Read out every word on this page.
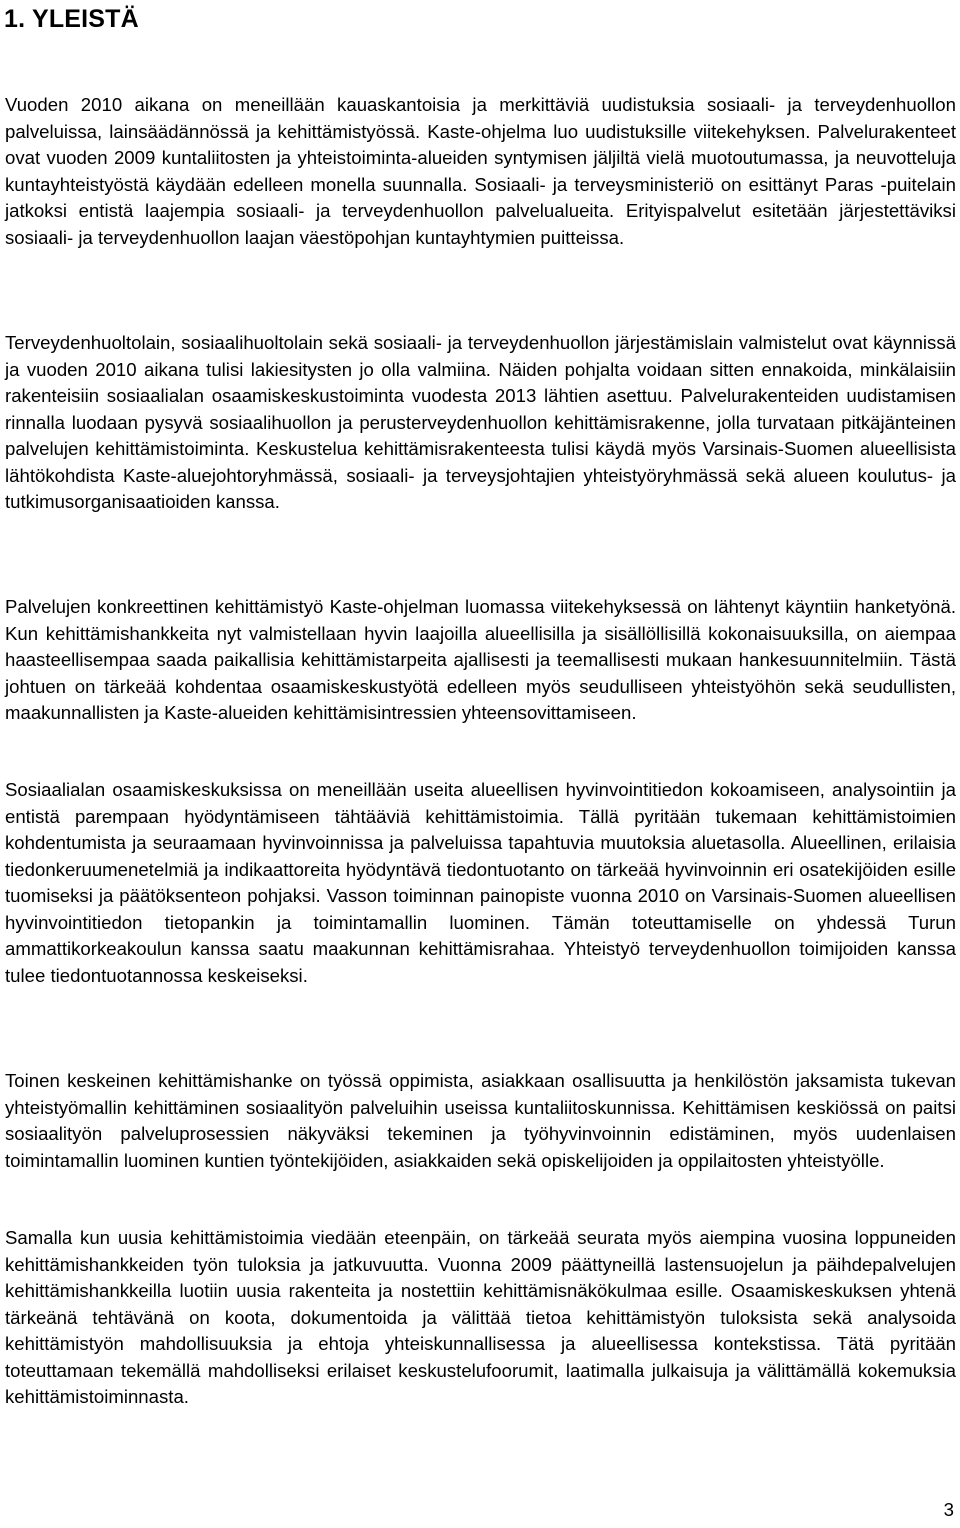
1. YLEISTÄ

Vuoden 2010 aikana on meneillään kauaskantoisia ja merkittäviä uudistuksia sosiaali- ja terveydenhuollon palveluissa, lainsäädännössä ja kehittämistyössä. Kaste-ohjelma luo uudistuksille viitekehyksen. Palvelurakenteet ovat vuoden 2009 kuntaliitosten ja yhteistoiminta-alueiden syntymisen jäljiltä vielä muotoutumassa, ja neuvotteluja kuntayhteistyöstä käydään edelleen monella suunnalla. Sosiaali- ja terveysministeriö on esittänyt Paras -puitelain jatkoksi entistä laajempia sosiaali- ja terveydenhuollon palvelualueita. Erityispalvelut esitetään järjestettäviksi sosiaali- ja terveydenhuollon laajan väestöpohjan kuntayhtymien puitteissa.

Terveydenhuoltolain, sosiaalihuoltolain sekä sosiaali- ja terveydenhuollon järjestämislain valmistelut ovat käynnissä ja vuoden 2010 aikana tulisi lakiesitysten jo olla valmiina. Näiden pohjalta voidaan sitten ennakoida, minkälaisiin rakenteisiin sosiaalialan osaamiskeskustoiminta vuodesta 2013 lähtien asettuu. Palvelurakenteiden uudistamisen rinnalla luodaan pysyvä sosiaalihuollon ja perusterveydenhuollon kehittämisrakenne, jolla turvataan pitkäjänteinen palvelujen kehittämistoiminta. Keskustelua kehittämisrakenteesta tulisi käydä myös Varsinais-Suomen alueellisista lähtökohdista Kaste-aluejohtoryhmässä, sosiaali- ja terveysjohtajien yhteistyöryhmässä sekä alueen koulutus- ja tutkimusorganisaatioiden kanssa.

Palvelujen konkreettinen kehittämistyö Kaste-ohjelman luomassa viitekehyksessä on lähtenyt käyntiin hanketyönä. Kun kehittämishankkeita nyt valmistellaan hyvin laajoilla alueellisilla ja sisällöllisillä kokonaisuuksilla, on aiempaa haasteellisempaa saada paikallisia kehittämistarpeita ajallisesti ja teemallisesti mukaan hankesuunnitelmiin. Tästä johtuen on tärkeää kohdentaa osaamiskeskustyötä edelleen myös seudulliseen yhteistyöhön sekä seudullisten, maakunnallisten ja Kaste-alueiden kehittämisintressien yhteensovittamiseen.

Sosiaalialan osaamiskeskuksissa on meneillään useita alueellisen hyvinvointitiedon kokoamiseen, analysointiin ja entistä parempaan hyödyntämiseen tähtääviä kehittämistoimia. Tällä pyritään tukemaan kehittämistoimien kohdentumista ja seuraamaan hyvinvoinnissa ja palveluissa tapahtuvia muutoksia aluetasolla. Alueellinen, erilaisia tiedonkeruumenetelmiä ja indikaattoreita hyödyntävä tiedontuotanto on tärkeää hyvinvoinnin eri osatekijöiden esille tuomiseksi ja päätöksenteon pohjaksi. Vasson toiminnan painopiste vuonna 2010 on Varsinais-Suomen alueellisen hyvinvointitiedon tietopankin ja toimintamallin luominen. Tämän toteuttamiselle on yhdessä Turun ammattikorkeakoulun kanssa saatu maakunnan kehittämisrahaa. Yhteistyö terveydenhuollon toimijoiden kanssa tulee tiedontuotannossa keskeiseksi.

Toinen keskeinen kehittämishanke on työssä oppimista, asiakkaan osallisuutta ja henkilöstön jaksamista tukevan yhteistyömallin kehittäminen sosiaalityön palveluihin useissa kuntaliitoskunnissa. Kehittämisen keskiössä on paitsi sosiaalityön palveluprosessien näkyväksi tekeminen ja työhyvinvoinnin edistäminen, myös uudenlaisen toimintamallin luominen kuntien työntekijöiden, asiakkaiden sekä opiskelijoiden ja oppilaitosten yhteistyölle.

Samalla kun uusia kehittämistoimia viedään eteenpäin, on tärkeää seurata myös aiempina vuosina loppuneiden kehittämishankkeiden työn tuloksia ja jatkuvuutta. Vuonna 2009 päättyneillä lastensuojelun ja päihdepalvelujen kehittämishankkeilla luotiin uusia rakenteita ja nostettiin kehittämisnäkökulmaa esille. Osaamiskeskuksen yhtenä tärkeänä tehtävänä on koota, dokumentoida ja välittää tietoa kehittämistyön tuloksista sekä analysoida kehittämistyön mahdollisuuksia ja ehtoja yhteiskunnallisessa ja alueellisessa kontekstissa. Tätä pyritään toteuttamaan tekemällä mahdolliseksi erilaiset keskustelufoorumit, laatimalla julkaisuja ja välittämällä kokemuksia kehittämistoiminnasta.

3
